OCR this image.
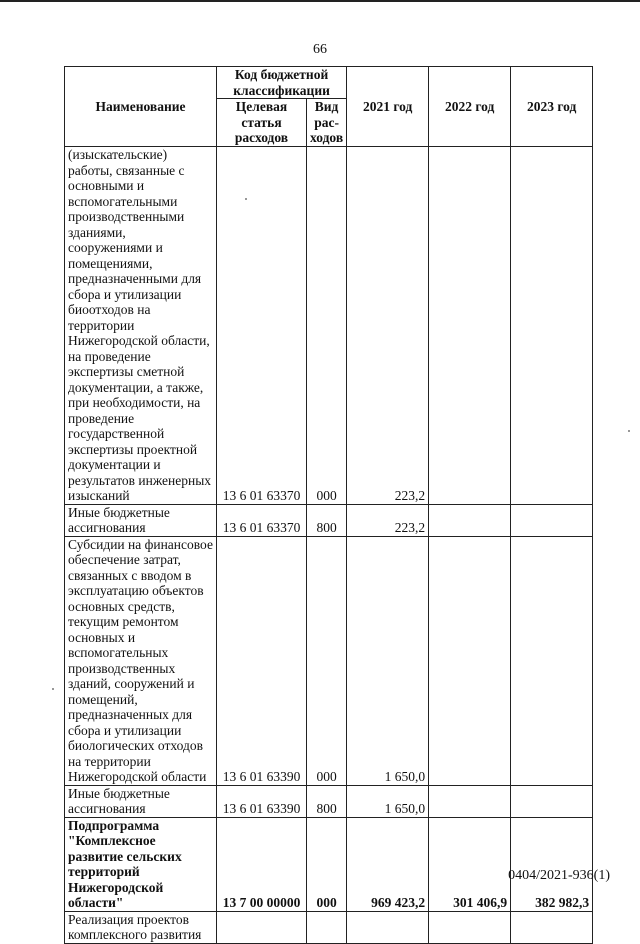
66
Наименование	Код бюджетной классификации		2021 год	2022 год	2023 год
	Целевая статья расходов	Вид рас-ходов			
(изыскательские) работы, связанные с основными и вспомогательными производственными зданиями, сооружениями и помещениями, предназначенными для сбора и утилизации биоотходов на территории Нижегородской области, на проведение экспертизы сметной документации, а также, при необходимости, на проведение государственной экспертизы проектной документации и результатов инженерных изысканий	13 6 01 63370	000	223,2		
Иные бюджетные ассигнования	13 6 01 63370	800	223,2		
Субсидии на финансовое обеспечение затрат, связанных с вводом в эксплуатацию объектов основных средств, текущим ремонтом основных и вспомогательных производственных зданий, сооружений и помещений, предназначенных для сбора и утилизации биологических отходов на территории Нижегородской области	13 6 01 63390	000	1 650,0		
Иные бюджетные ассигнования	13 6 01 63390	800	1 650,0		
Подпрограмма "Комплексное развитие сельских территорий Нижегородской области"	13 7 00 00000	000	969 423,2	301 406,9	382 982,3
Реализация проектов комплексного развития					
0404/2021-936(1)
